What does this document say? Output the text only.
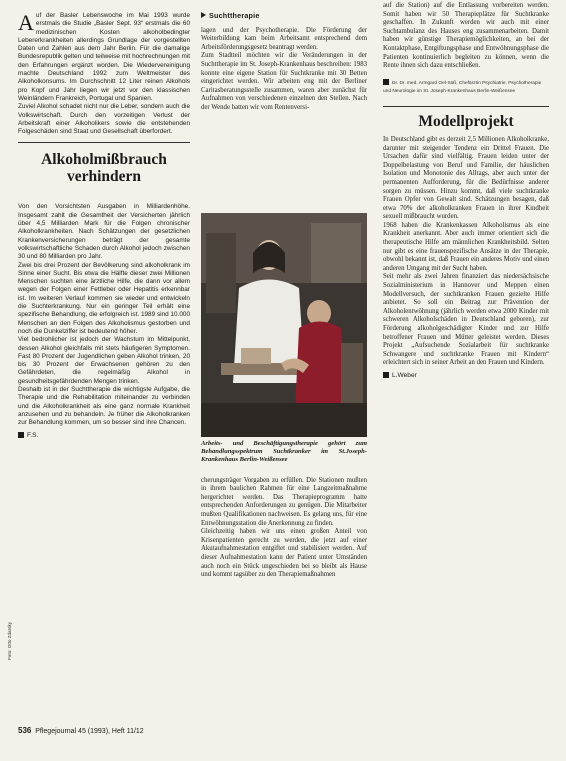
A uf der Basler Lebenswoche im Mai 1993 wurde erstmals die Studie „Basler Sept. 93“ erstmals die 60 medizinischen Kosten alkoholbedingter Lebererkrankheiten allerdings Grundlage der vorgestellten Daten und Zahlen aus dem Jahr Berlin. Für die damalige Bundesrepublik gelten und teilweise mit hochrechnungen mit den Erfahrungen ergänzt worden. Die Wiedervereinigung machte Deutschland 1992 zum Weltmeister des Alkoholkonsums. Im Durchschnitt 12 Liter reinen Alkohols pro Kopf und Jahr liegen wir jetzt vor den klassischen Weinländern Frankreich, Portugal und Spanien.

Zuviel Alkohol schadet nicht nur die Leber, sondern auch die Volkswirtschaft. Durch den vorzeitigen Verlust der Arbeitskraft einer Alkoholikers sowie die entstehenden Folgeschäden sind Staat und Gesellschaft überfordert.

Alkoholmißbrauch verhindern

Von den Vorsichtsten Ausgaben in Milliardenhöhe. Insgesamt zahlt die Gesamtheit der Versicherten jährlich über 4,5 Milliarden Mark für die Folgen chronischer Alkoholkrankheiten. Nach Schätzungen der gesetzlichen Krankenversicherungen beträgt der gesamte volkswirtschaftliche Schaden durch Alkohol jedoch zwischen 30 und 80 Milliarden pro Jahr.

Zwei bis drei Prozent der Bevölkerung sind alkoholkrank im Sinne einer Sucht. Bis etwa die Hälfte dieser zwei Millionen Menschen suchten eine ärztliche Hilfe, die dann vor allem wegen der Folgen einer Fettleber oder Hepatitis erkennbar ist. Im weiteren Verlauf kommen sie wieder und entwickeln die Suchterkrankung. Nur ein geringer Teil erhält eine spezifische Behandlung, die erfolgreich ist. 1989 sind 10.000 Menschen an den Folgen des Alkoholismus gestorben und noch die Dunkelziffer ist bedeutend höher.

Viel bedrohlicher ist jedoch der Wachstum im Mittelpunkt, dessen Alkohol gleichfalls mit stets häufigeren Symptomen. Fast 80 Prozent der Jugendlichen geben Alkohol trinken, 20 bis 30 Prozent der Erwachsenen gehören zu den Gefährdeten, die regelmäßig Alkohol in gesundheitsgefährdenden Mengen trinken.

Deshalb ist in der Suchttherapie die wichtigste Aufgabe, die Therapie und die Rehabilitation miteinander zu verbinden und die Alkoholkrankheit als eine ganz normale Krankheit anzusehen und zu behandeln. Je früher die Alkoholkranken zur Behandlung kommen, um so besser sind ihre Chancen.

F.S.
Suchttherapie

lagen und der Psychotherapie. Die Förderung der Weiterbildung kam beim Arbeitsamt entsprechend dem Arbeitsförderungsgesetz beantragt werden.

Zum Stadtteil möchten wir die Veränderungen in der Suchttherapie im St. Joseph-Krankenhaus beschreiben: 1983 konnte eine eigene Station für Suchtkranke mit 30 Betten eingerichtet werden. Wir arbeiten eng mit der Berliner Caritasberatungsstelle zusammen, waren aber zunächst für Aufnahmen von verschiedenen einzelnen den Stellen. Nach der Wende hatten wir vom Rentenversi-

Arbeits- und Beschäftigungstherapie gehört zum Behandlungsspektrum Suchtkranker im St.Joseph-Krankenhaus Berlin-Weißensee

cherungsträger Vorgaben zu erfüllen. Die Stationen mußten in ihrem baulichen Rahmen für eine Langzeitmaßnahme hergerichtet werden. Das Therapieprogramm hatte entsprechenden Anforderungen zu genügen. Die Mitarbeiter mußten Qualifikationen nachweisen. Es gelang uns, für eine Entwöhnungsstation die Anerkennung zu finden.

Gleichzeitig haben wir uns einen großen Anteil von Krisenpatienten gerecht zu werden, die jetzt auf einer Akutaufnahmestation entgiftet und stabilisiert werden. Auf dieser Aufnahmestation kann der Patient unter Umständen auch noch ein Stück ungeschieden bei so bleibt als Hause und kommt tagsüber zu den Therapiemaßnahmen

auf die Station) auf die Entlassung vorbereiten werden. Somit haben wir 50 Therapieplätze für Suchtkranke geschaffen. In Zukunft werden wir auch mit einer Suchtambulanz des Hauses eng zusammenarbeiten. Damit haben wir günstige Therapiemöglichkeiten, an bei der Kontaktphase, Entgiftungsphase und Entwöhnungsphase die Patienten kontinuierlich begleiten zu können, wenn die Rente ihnen sich dazu entschließen.

Dr. Dr. med. Armgard Oel-Süß, Chefärztin Psychiatrie, Psychotherapie und Neurologie im St. Joseph-Krankenhaus Berlin-Weißensee
Modellprojekt

In Deutschland gibt es derzeit 2,5 Millionen Alkoholkranke, darunter mit steigender Tendenz ein Drittel Frauen. Die Ursachen dafür sind vielfältig. Frauen leiden unter der Doppelbelastung von Beruf und Familie, der häuslichen Isolation und Monotonie des Alltags, aber auch unter der permanenten Aufforderung, für die Bedürfnisse anderer sorgen zu müssen. Hinzu kommt, daß viele suchtkranke Frauen Opfer von Gewalt sind. Schätzungen besagen, daß etwa 70% der alkoholkranken Frauen in ihrer Kindheit sexuell mißbraucht wurden.

1968 haben die Krankenkassen Alkoholismus als eine Krankheit anerkannt. Aber auch immer orientiert sich die therapeutische Hilfe am männlichen Krankheitsbild. Selten nur gibt es eine frauenspezifische Ansätze in der Therapie, obwohl bekannt ist, daß Frauen ein anderes Motiv und einen anderen Umgang mit der Sucht haben.

Seit mehr als zwei Jahren finanziert das niedersächsische Sozialministerium in Hannover und Meppen einen Modellversuch, der suchtkranken Frauen gezielte Hilfe anbietet. So soll ein Beitrag zur Prävention der Alkoholentwöhnung (jährlich werden etwa 2000 Kinder mit schweren Alkoholschäden in Deutschland geboren), zur Förderung alkoholgeschädigter Kinder und zur Hilfe betroffener Frauen und Mütter geleistet werden. Dieses Projekt „Aufsuchende Sozialarbeit für suchtkranke Schwangere und suchtkranke Frauen mit Kindern“ erleichtert sich in seiner Arbeit an den Frauen und Kindern.

L.Weber
Foto: Otto Zdarsky
536 Pflegejournal 45 (1993), Heft 11/12
